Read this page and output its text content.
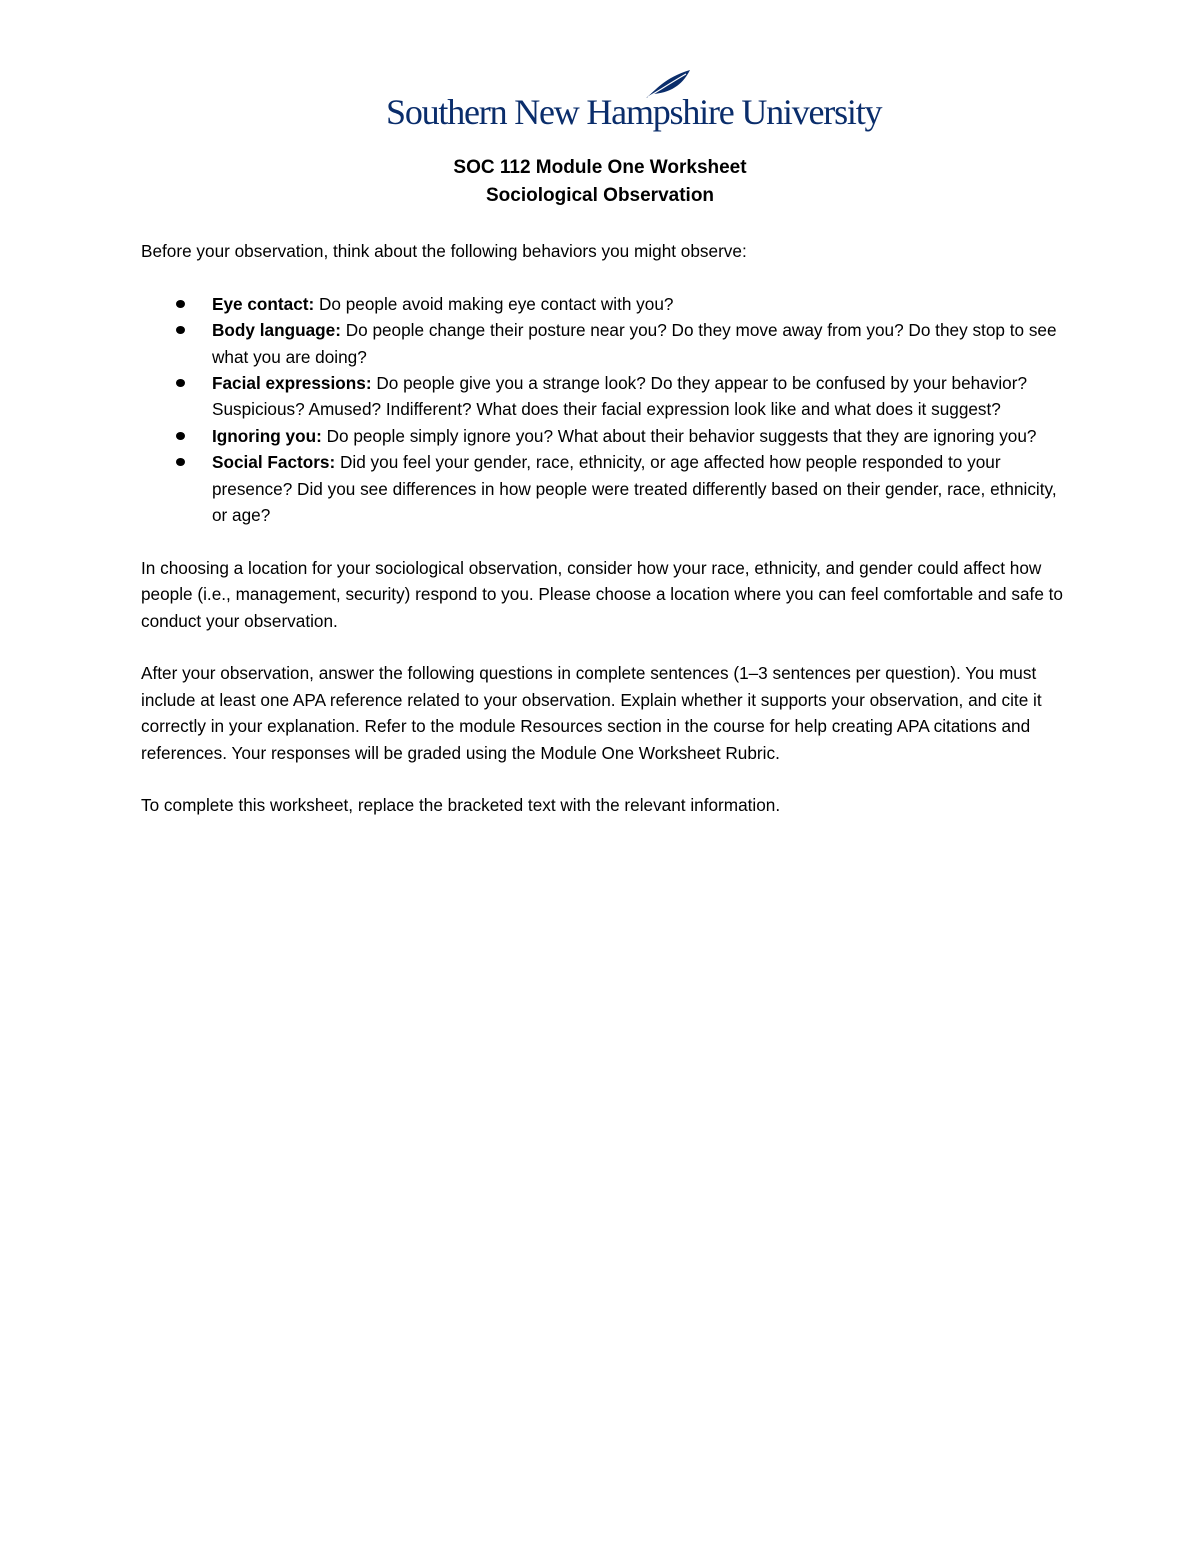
Southern New Hampshire University
SOC 112 Module One Worksheet
Sociological Observation

Before your observation, think about the following behaviors you might observe:

Eye contact: Do people avoid making eye contact with you?
Body language: Do people change their posture near you? Do they move away from you? Do they stop to see what you are doing?
Facial expressions: Do people give you a strange look? Do they appear to be confused by your behavior? Suspicious? Amused? Indifferent? What does their facial expression look like and what does it suggest?
Ignoring you: Do people simply ignore you? What about their behavior suggests that they are ignoring you?
Social Factors: Did you feel your gender, race, ethnicity, or age affected how people responded to your presence? Did you see differences in how people were treated differently based on their gender, race, ethnicity, or age?

In choosing a location for your sociological observation, consider how your race, ethnicity, and gender could affect how people (i.e., management, security) respond to you. Please choose a location where you can feel comfortable and safe to conduct your observation.

After your observation, answer the following questions in complete sentences (1–3 sentences per question). You must include at least one APA reference related to your observation. Explain whether it supports your observation, and cite it correctly in your explanation. Refer to the module Resources section in the course for help creating APA citations and references. Your responses will be graded using the Module One Worksheet Rubric.

To complete this worksheet, replace the bracketed text with the relevant information.
